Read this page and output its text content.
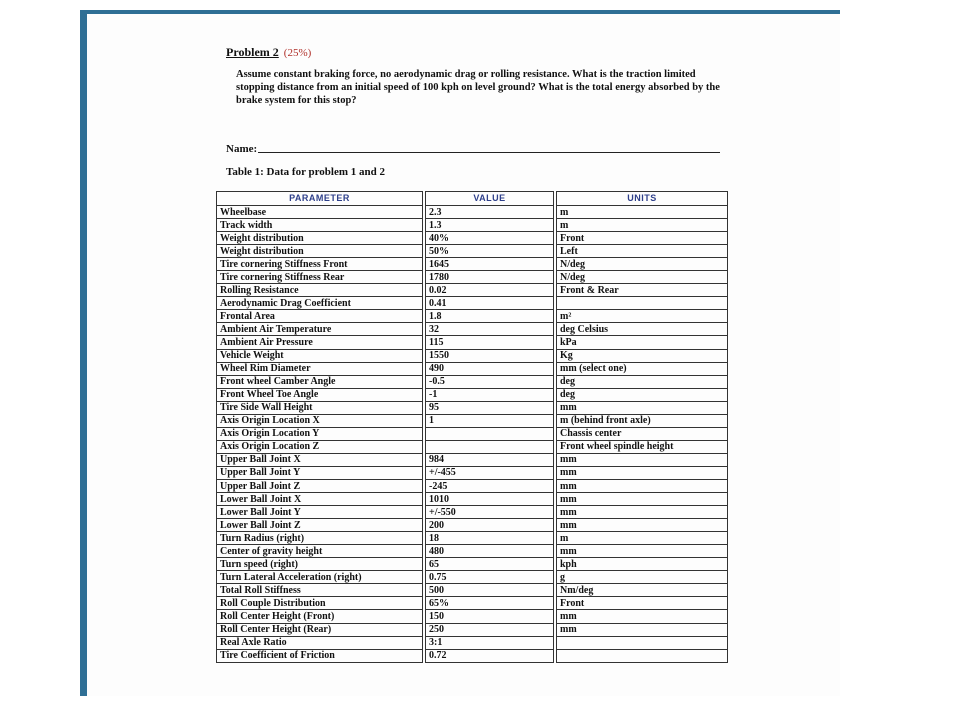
Problem 2 (25%)
Assume constant braking force, no aerodynamic drag or rolling resistance. What is the traction limited stopping distance from an initial speed of 100 kph on level ground? What is the total energy absorbed by the brake system for this stop?
Name:
Table 1: Data for problem 1 and 2
PARAMETER		VALUE		UNITS
Wheelbase		2.3		m
Track width		1.3		m
Weight distribution		40%		Front
Weight distribution		50%		Left
Tire cornering Stiffness Front		1645		N/deg
Tire cornering Stiffness Rear		1780		N/deg
Rolling Resistance		0.02		Front & Rear
Aerodynamic Drag Coefficient		0.41		
Frontal Area		1.8		m²
Ambient Air Temperature		32		deg Celsius
Ambient Air Pressure		115		kPa
Vehicle Weight		1550		Kg
Wheel Rim Diameter		490		mm (select one)
Front wheel Camber Angle		-0.5		deg
Front Wheel Toe Angle		-1		deg
Tire Side Wall Height		95		mm
Axis Origin Location X		1		m (behind front axle)
Axis Origin Location Y				Chassis center
Axis Origin Location Z				Front wheel spindle height
Upper Ball Joint X		984		mm
Upper Ball Joint Y		+/-455		mm
Upper Ball Joint Z		-245		mm
Lower Ball Joint X		1010		mm
Lower Ball Joint Y		+/-550		mm
Lower Ball Joint Z		200		mm
Turn Radius (right)		18		m
Center of gravity height		480		mm
Turn speed (right)		65		kph
Turn Lateral Acceleration (right)		0.75		g
Total Roll Stiffness		500		Nm/deg
Roll Couple Distribution		65%		Front
Roll Center Height (Front)		150		mm
Roll Center Height (Rear)		250		mm
Real Axle Ratio		3:1		
Tire Coefficient of Friction		0.72		
